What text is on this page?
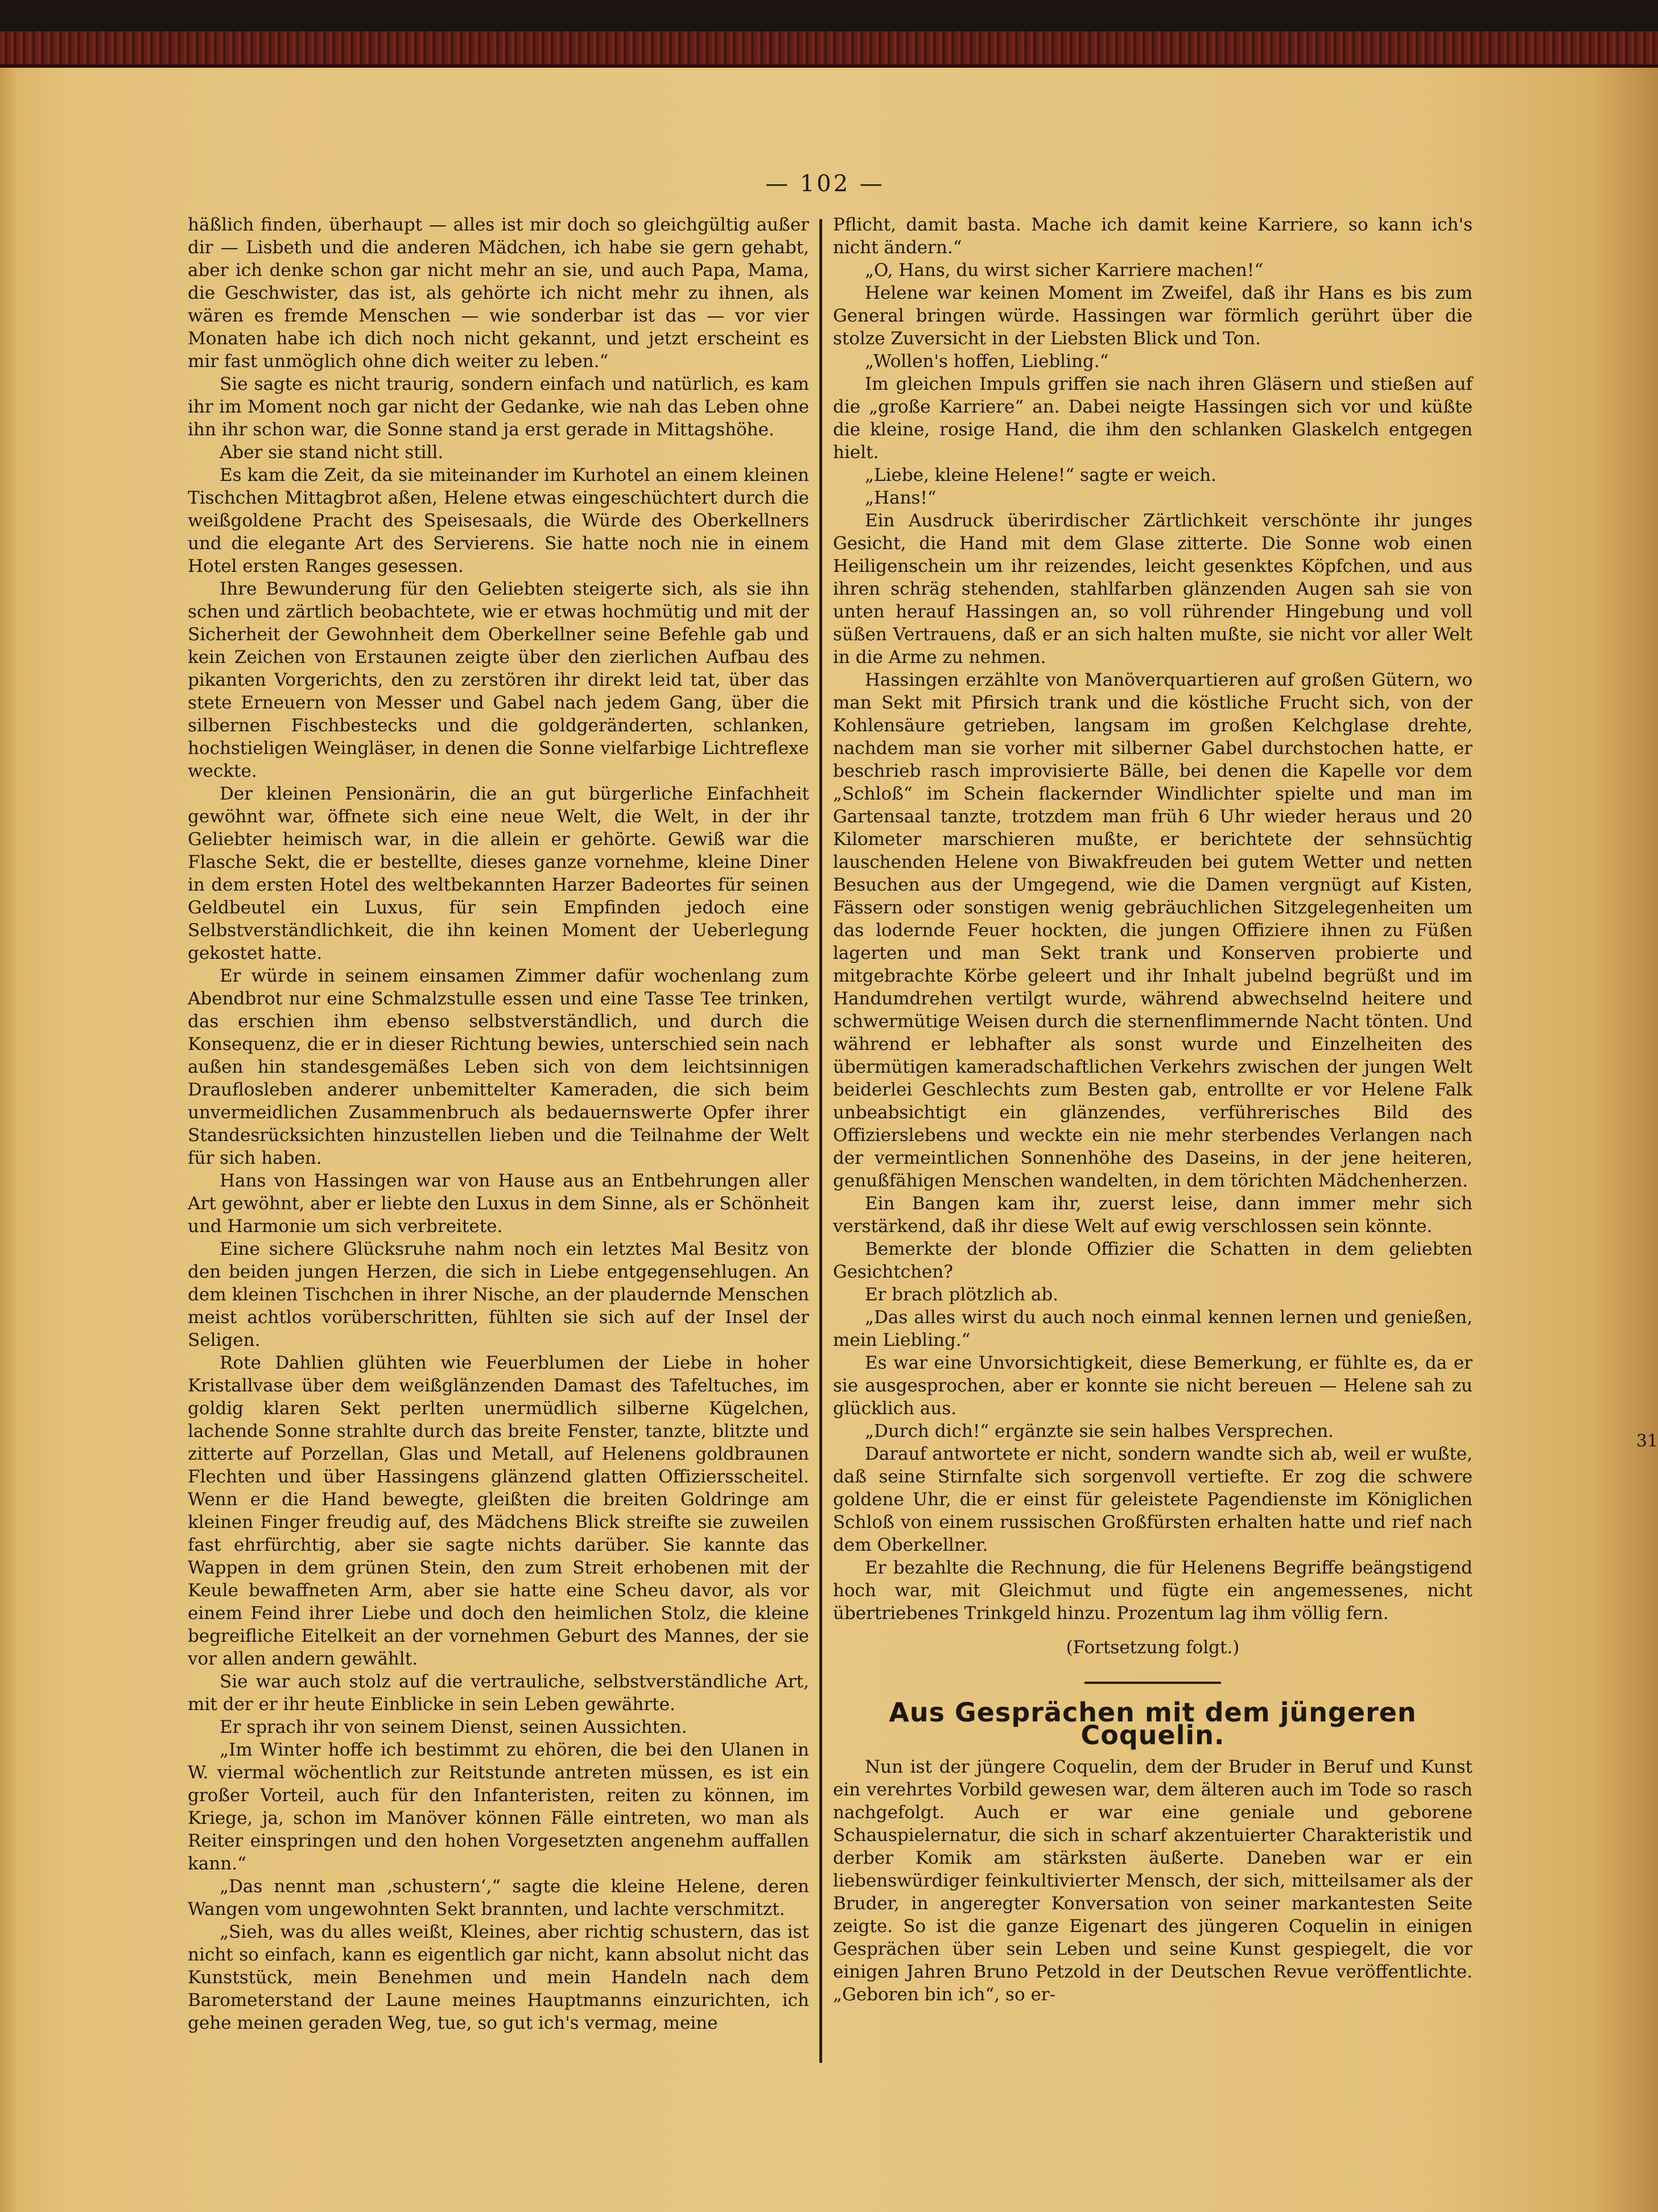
— 102 —

häßlich finden, überhaupt — alles ist mir doch so gleichgültig außer dir — Lisbeth und die anderen Mädchen, ich habe sie gern gehabt, aber ich denke schon gar nicht mehr an sie, und auch Papa, Mama, die Geschwister, das ist, als gehörte ich nicht mehr zu ihnen, als wären es fremde Menschen — wie sonderbar ist das — vor vier Monaten habe ich dich noch nicht gekannt, und jetzt erscheint es mir fast unmöglich ohne dich weiter zu leben.“

Sie sagte es nicht traurig, sondern einfach und natürlich, es kam ihr im Moment noch gar nicht der Gedanke, wie nah das Leben ohne ihn ihr schon war, die Sonne stand ja erst gerade in Mittagshöhe.

Aber sie stand nicht still.

Es kam die Zeit, da sie miteinander im Kurhotel an einem kleinen Tischchen Mittagbrot aßen, Helene etwas eingeschüchtert durch die weißgoldene Pracht des Speisesaals, die Würde des Oberkellners und die elegante Art des Servierens. Sie hatte noch nie in einem Hotel ersten Ranges gesessen.

Ihre Bewunderung für den Geliebten steigerte sich, als sie ihn schen und zärtlich beobachtete, wie er etwas hochmütig und mit der Sicherheit der Gewohnheit dem Oberkellner seine Befehle gab und kein Zeichen von Erstaunen zeigte über den zierlichen Aufbau des pikanten Vorgerichts, den zu zerstören ihr direkt leid tat, über das stete Erneuern von Messer und Gabel nach jedem Gang, über die silbernen Fischbestecks und die goldgeränderten, schlanken, hochstieligen Weingläser, in denen die Sonne vielfarbige Lichtreflexe weckte.

Der kleinen Pensionärin, die an gut bürgerliche Einfachheit gewöhnt war, öffnete sich eine neue Welt, die Welt, in der ihr Geliebter heimisch war, in die allein er gehörte. Gewiß war die Flasche Sekt, die er bestellte, dieses ganze vornehme, kleine Diner in dem ersten Hotel des weltbekannten Harzer Badeortes für seinen Geldbeutel ein Luxus, für sein Empfinden jedoch eine Selbstverständlichkeit, die ihn keinen Moment der Ueberlegung gekostet hatte.

Er würde in seinem einsamen Zimmer dafür wochenlang zum Abendbrot nur eine Schmalzstulle essen und eine Tasse Tee trinken, das erschien ihm ebenso selbstverständlich, und durch die Konsequenz, die er in dieser Richtung bewies, unterschied sein nach außen hin standesgemäßes Leben sich von dem leichtsinnigen Drauflosleben anderer unbemittelter Kameraden, die sich beim unvermeidlichen Zusammenbruch als bedauernswerte Opfer ihrer Standesrücksichten hinzustellen lieben und die Teilnahme der Welt für sich haben.

Hans von Hassingen war von Hause aus an Entbehrungen aller Art gewöhnt, aber er liebte den Luxus in dem Sinne, als er Schönheit und Harmonie um sich verbreitete.

Eine sichere Glücksruhe nahm noch ein letztes Mal Besitz von den beiden jungen Herzen, die sich in Liebe entgegensehlugen. An dem kleinen Tischchen in ihrer Nische, an der plaudernde Menschen meist achtlos vorüberschritten, fühlten sie sich auf der Insel der Seligen.

Rote Dahlien glühten wie Feuerblumen der Liebe in hoher Kristallvase über dem weißglänzenden Damast des Tafeltuches, im goldig klaren Sekt perlten unermüdlich silberne Kügelchen, lachende Sonne strahlte durch das breite Fenster, tanzte, blitzte und zitterte auf Porzellan, Glas und Metall, auf Helenens goldbraunen Flechten und über Hassingens glänzend glatten Offiziersscheitel. Wenn er die Hand bewegte, gleißten die breiten Goldringe am kleinen Finger freudig auf, des Mädchens Blick streifte sie zuweilen fast ehrfürchtig, aber sie sagte nichts darüber. Sie kannte das Wappen in dem grünen Stein, den zum Streit erhobenen mit der Keule bewaffneten Arm, aber sie hatte eine Scheu davor, als vor einem Feind ihrer Liebe und doch den heimlichen Stolz, die kleine begreifliche Eitelkeit an der vornehmen Geburt des Mannes, der sie vor allen andern gewählt.

Sie war auch stolz auf die vertrauliche, selbstverständliche Art, mit der er ihr heute Einblicke in sein Leben gewährte.

Er sprach ihr von seinem Dienst, seinen Aussichten.

„Im Winter hoffe ich bestimmt zu ehören, die bei den Ulanen in W. viermal wöchentlich zur Reitstunde antreten müssen, es ist ein großer Vorteil, auch für den Infanteristen, reiten zu können, im Kriege, ja, schon im Manöver können Fälle eintreten, wo man als Reiter einspringen und den hohen Vorgesetzten angenehm auffallen kann.“

„Das nennt man ‚schustern‘,“ sagte die kleine Helene, deren Wangen vom ungewohnten Sekt brannten, und lachte verschmitzt.

„Sieh, was du alles weißt, Kleines, aber richtig schustern, das ist nicht so einfach, kann es eigentlich gar nicht, kann absolut nicht das Kunststück, mein Benehmen und mein Handeln nach dem Barometerstand der Laune meines Hauptmanns einzurichten, ich gehe meinen geraden Weg, tue, so gut ich's vermag, meine

Pflicht, damit basta. Mache ich damit keine Karriere, so kann ich's nicht ändern.“

„O, Hans, du wirst sicher Karriere machen!“

Helene war keinen Moment im Zweifel, daß ihr Hans es bis zum General bringen würde. Hassingen war förmlich gerührt über die stolze Zuversicht in der Liebsten Blick und Ton.

„Wollen's hoffen, Liebling.“

Im gleichen Impuls griffen sie nach ihren Gläsern und stießen auf die „große Karriere“ an. Dabei neigte Hassingen sich vor und küßte die kleine, rosige Hand, die ihm den schlanken Glaskelch entgegen hielt.

„Liebe, kleine Helene!“ sagte er weich.

„Hans!“

Ein Ausdruck überirdischer Zärtlichkeit verschönte ihr junges Gesicht, die Hand mit dem Glase zitterte. Die Sonne wob einen Heiligenschein um ihr reizendes, leicht gesenktes Köpfchen, und aus ihren schräg stehenden, stahlfarben glänzenden Augen sah sie von unten herauf Hassingen an, so voll rührender Hingebung und voll süßen Vertrauens, daß er an sich halten mußte, sie nicht vor aller Welt in die Arme zu nehmen.

Hassingen erzählte von Manöverquartieren auf großen Gütern, wo man Sekt mit Pfirsich trank und die köstliche Frucht sich, von der Kohlensäure getrieben, langsam im großen Kelchglase drehte, nachdem man sie vorher mit silberner Gabel durchstochen hatte, er beschrieb rasch improvisierte Bälle, bei denen die Kapelle vor dem „Schloß“ im Schein flackernder Windlichter spielte und man im Gartensaal tanzte, trotzdem man früh 6 Uhr wieder heraus und 20 Kilometer marschieren mußte, er berichtete der sehnsüchtig lauschenden Helene von Biwakfreuden bei gutem Wetter und netten Besuchen aus der Umgegend, wie die Damen vergnügt auf Kisten, Fässern oder sonstigen wenig gebräuchlichen Sitzgelegenheiten um das lodernde Feuer hockten, die jungen Offiziere ihnen zu Füßen lagerten und man Sekt trank und Konserven probierte und mitgebrachte Körbe geleert und ihr Inhalt jubelnd begrüßt und im Handumdrehen vertilgt wurde, während abwechselnd heitere und schwermütige Weisen durch die sternenflimmernde Nacht tönten. Und während er lebhafter als sonst wurde und Einzelheiten des übermütigen kameradschaftlichen Verkehrs zwischen der jungen Welt beiderlei Geschlechts zum Besten gab, entrollte er vor Helene Falk unbeabsichtigt ein glänzendes, verführerisches Bild des Offizierslebens und weckte ein nie mehr sterbendes Verlangen nach der vermeintlichen Sonnenhöhe des Daseins, in der jene heiteren, genußfähigen Menschen wandelten, in dem törichten Mädchenherzen.

Ein Bangen kam ihr, zuerst leise, dann immer mehr sich verstärkend, daß ihr diese Welt auf ewig verschlossen sein könnte.

Bemerkte der blonde Offizier die Schatten in dem geliebten Gesichtchen?

Er brach plötzlich ab.

„Das alles wirst du auch noch einmal kennen lernen und genießen, mein Liebling.“

Es war eine Unvorsichtigkeit, diese Bemerkung, er fühlte es, da er sie ausgesprochen, aber er konnte sie nicht bereuen — Helene sah zu glücklich aus.

„Durch dich!“ ergänzte sie sein halbes Versprechen.

Darauf antwortete er nicht, sondern wandte sich ab, weil er wußte, daß seine Stirnfalte sich sorgenvoll vertiefte. Er zog die schwere goldene Uhr, die er einst für geleistete Pagendienste im Königlichen Schloß von einem russischen Großfürsten erhalten hatte und rief nach dem Oberkellner.

Er bezahlte die Rechnung, die für Helenens Begriffe beängstigend hoch war, mit Gleichmut und fügte ein angemessenes, nicht übertriebenes Trinkgeld hinzu. Prozentum lag ihm völlig fern.

(Fortsetzung folgt.)

Aus Gesprächen mit dem jüngeren Coquelin.

Nun ist der jüngere Coquelin, dem der Bruder in Beruf und Kunst ein verehrtes Vorbild gewesen war, dem älteren auch im Tode so rasch nachgefolgt. Auch er war eine geniale und geborene Schauspielernatur, die sich in scharf akzentuierter Charakteristik und derber Komik am stärksten äußerte. Daneben war er ein liebenswürdiger feinkultivierter Mensch, der sich, mitteilsamer als der Bruder, in angeregter Konversation von seiner markantesten Seite zeigte. So ist die ganze Eigenart des jüngeren Coquelin in einigen Gesprächen über sein Leben und seine Kunst gespiegelt, die vor einigen Jahren Bruno Petzold in der Deutschen Revue veröffentlichte. „Geboren bin ich“, so er-

31
